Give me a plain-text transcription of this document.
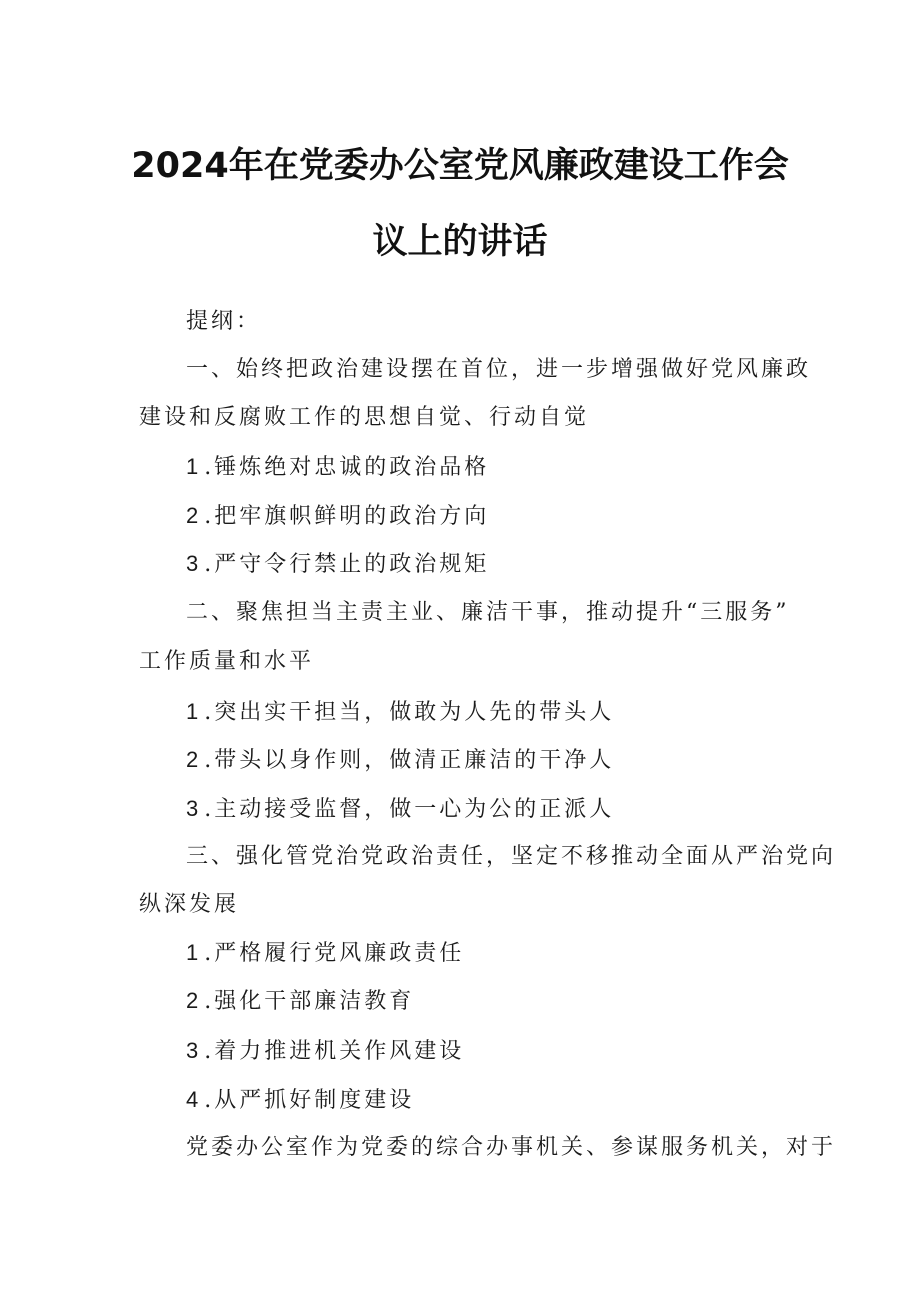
2024年在党委办公室党风廉政建设工作会
议上的讲话
提纲：
一、始终把政治建设摆在首位，进一步增强做好党风廉政
建设和反腐败工作的思想自觉、行动自觉
1 .锤炼绝对忠诚的政治品格
2 .把牢旗帜鲜明的政治方向
3 .严守令行禁止的政治规矩
二、聚焦担当主责主业、廉洁干事，推动提升“三服务”
工作质量和水平
1 .突出实干担当，做敢为人先的带头人
2 .带头以身作则，做清正廉洁的干净人
3 .主动接受监督，做一心为公的正派人
三、强化管党治党政治责任，坚定不移推动全面从严治党向
纵深发展
1 .严格履行党风廉政责任
2 .强化干部廉洁教育
3 .着力推进机关作风建设
4 .从严抓好制度建设
党委办公室作为党委的综合办事机关、参谋服务机关，对于
